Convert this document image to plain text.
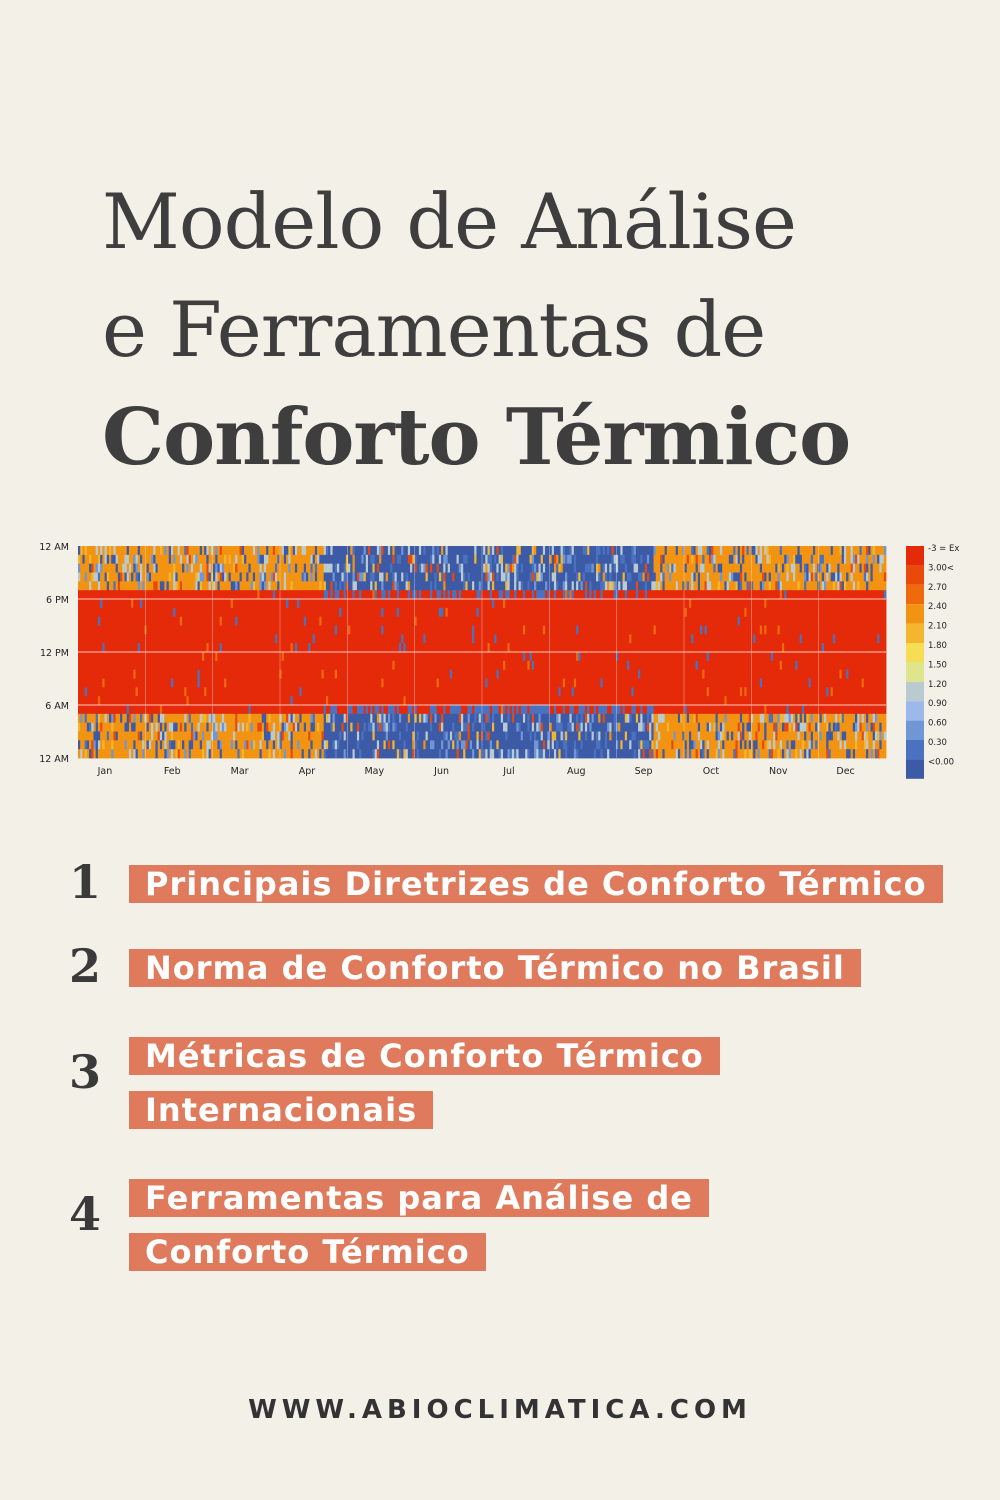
Modelo de Análise
e Ferramentas de
Conforto Térmico
12 AM
6 PM
12 PM
6 AM
12 AM
Jan	Feb	Mar	Apr	May	Jun	Jul	Aug	Sep	Oct	Nov	Dec
-3 = Ex
3.00<
2.70
2.40
2.10
1.80
1.50
1.20
0.90
0.60
0.30
<0.00
1	Principais Diretrizes de Conforto Térmico
2	Norma de Conforto Térmico no Brasil
3	Métricas de Conforto Térmico Internacionais
4	Ferramentas para Análise de Conforto Térmico
WWW.ABIOCLIMATICA.COM
